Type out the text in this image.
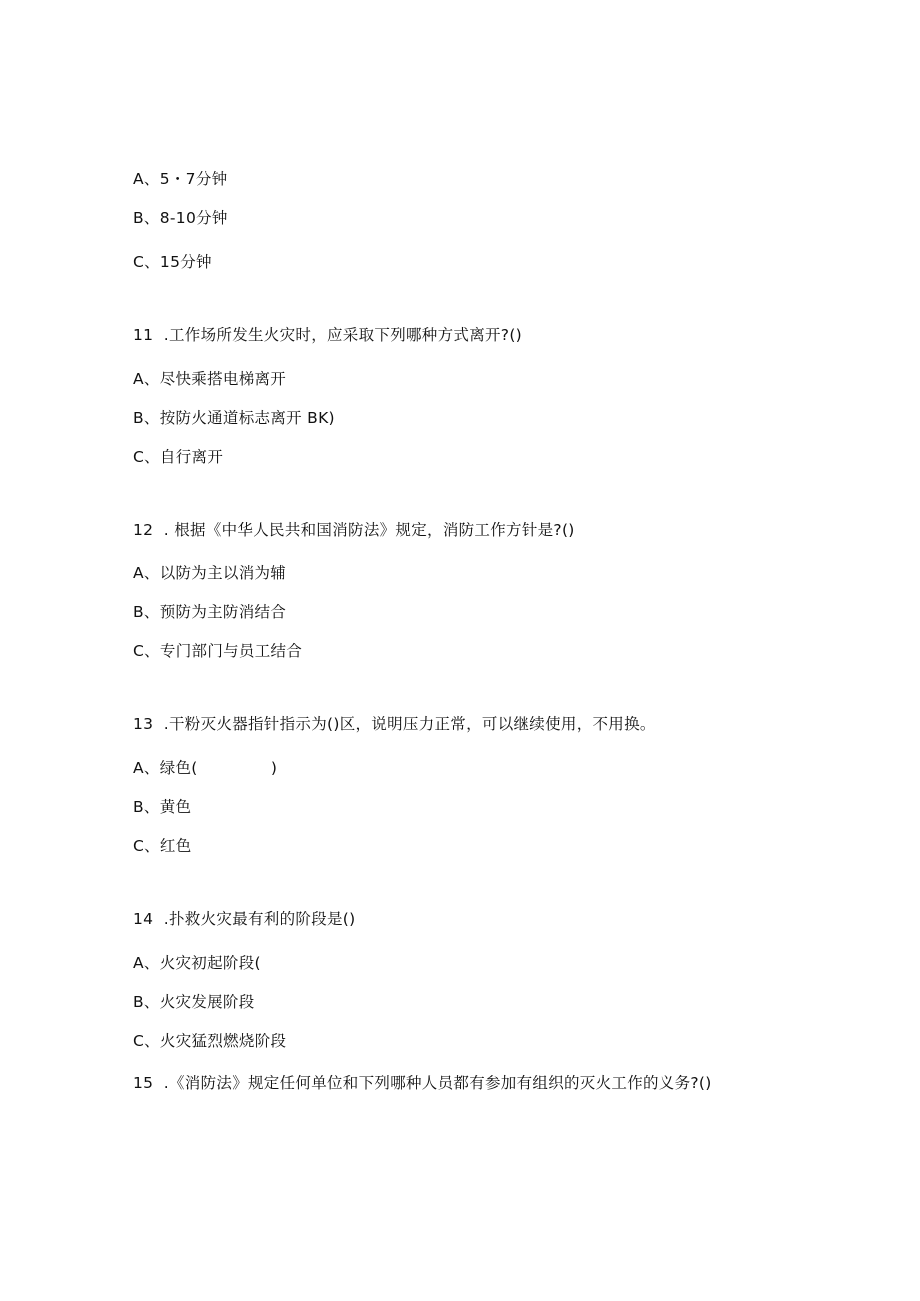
A、5・7分钟
B、8-10分钟
C、15分钟
11  .工作场所发生火灾时，应采取下列哪种方式离开?()
A、尽快乘搭电梯离开
B、按防火通道标志离开 BK)
C、自行离开
12  . 根据《中华人民共和国消防法》规定，消防工作方针是?()
A、以防为主以消为辅
B、预防为主防消结合
C、专门部门与员工结合
13  .干粉灭火器指针指示为()区，说明压力正常，可以继续使用，不用换。
A、绿色(              )
B、黄色
C、红色
14  .扑救火灾最有利的阶段是()
A、火灾初起阶段(
B、火灾发展阶段
C、火灾猛烈燃烧阶段
15  .《消防法》规定任何单位和下列哪种人员都有参加有组织的灭火工作的义务?()
